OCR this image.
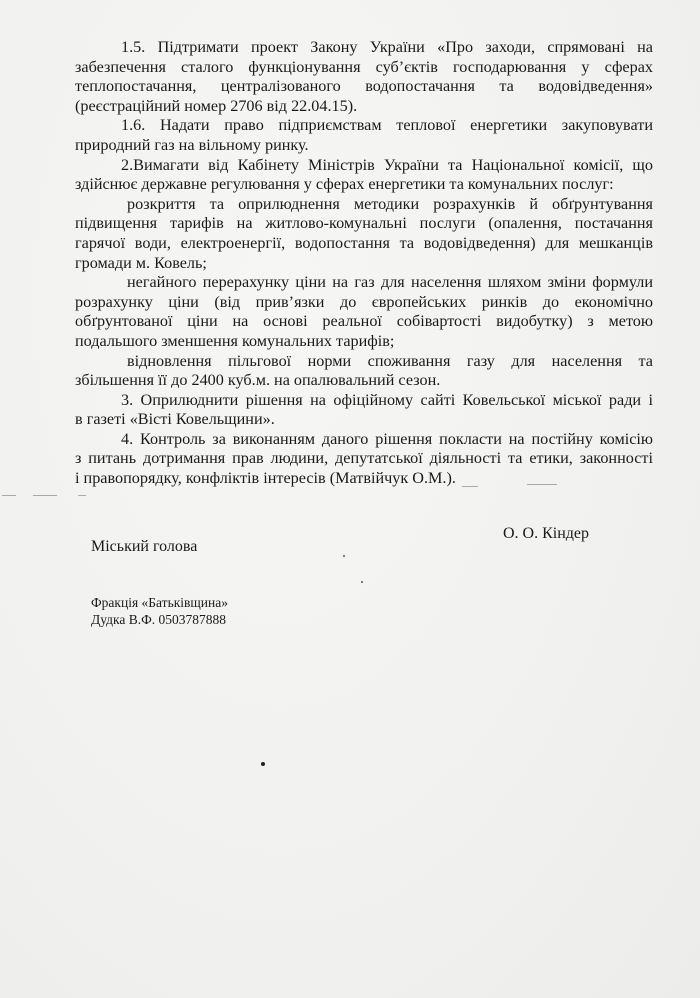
1.5. Підтримати проект Закону України «Про заходи, спрямовані на

забезпечення сталого функціонування суб’єктів господарювання у сферах
теплопостачання, централізованого водопостачання та водовідведення»
(реєстраційний номер 2706 від 22.04.15).

1.6. Надати право підприємствам теплової енергетики закуповувати

природний газ на вільному ринку.

2.Вимагати від Кабінету Міністрів України та Національної комісії, що

здійснює державне регулювання у сферах енергетики та комунальних послуг:

розкриття та оприлюднення методики розрахунків й обґрунтування

підвищення тарифів на житлово-комунальні послуги (опалення, постачання
гарячої води, електроенергії, водопостання та водовідведення) для мешканців
громади м. Ковель;

негайного перерахунку ціни на газ для населення шляхом зміни формули

розрахунку ціни (від прив’язки до європейських ринків до економічно
обґрунтованої ціни на основі реальної собівартості видобутку) з метою
подальшого зменшення комунальних тарифів;

відновлення пільгової норми споживання газу для населення та

збільшення її до 2400 куб.м. на опалювальний сезон.

3. Оприлюднити рішення на офіційному сайті Ковельської міської ради і

в газеті «Вісті Ковельщини».

4. Контроль за виконанням даного рішення покласти на постійну комісію

з питань дотримання прав людини, депутатської діяльності та етики, законності
і правопорядку, конфліктів інтересів (Матвійчук О.М.).

Міський голова
О. О. Кіндер
Фракція «Батьківщина»
Дудка В.Ф. 0503787888
